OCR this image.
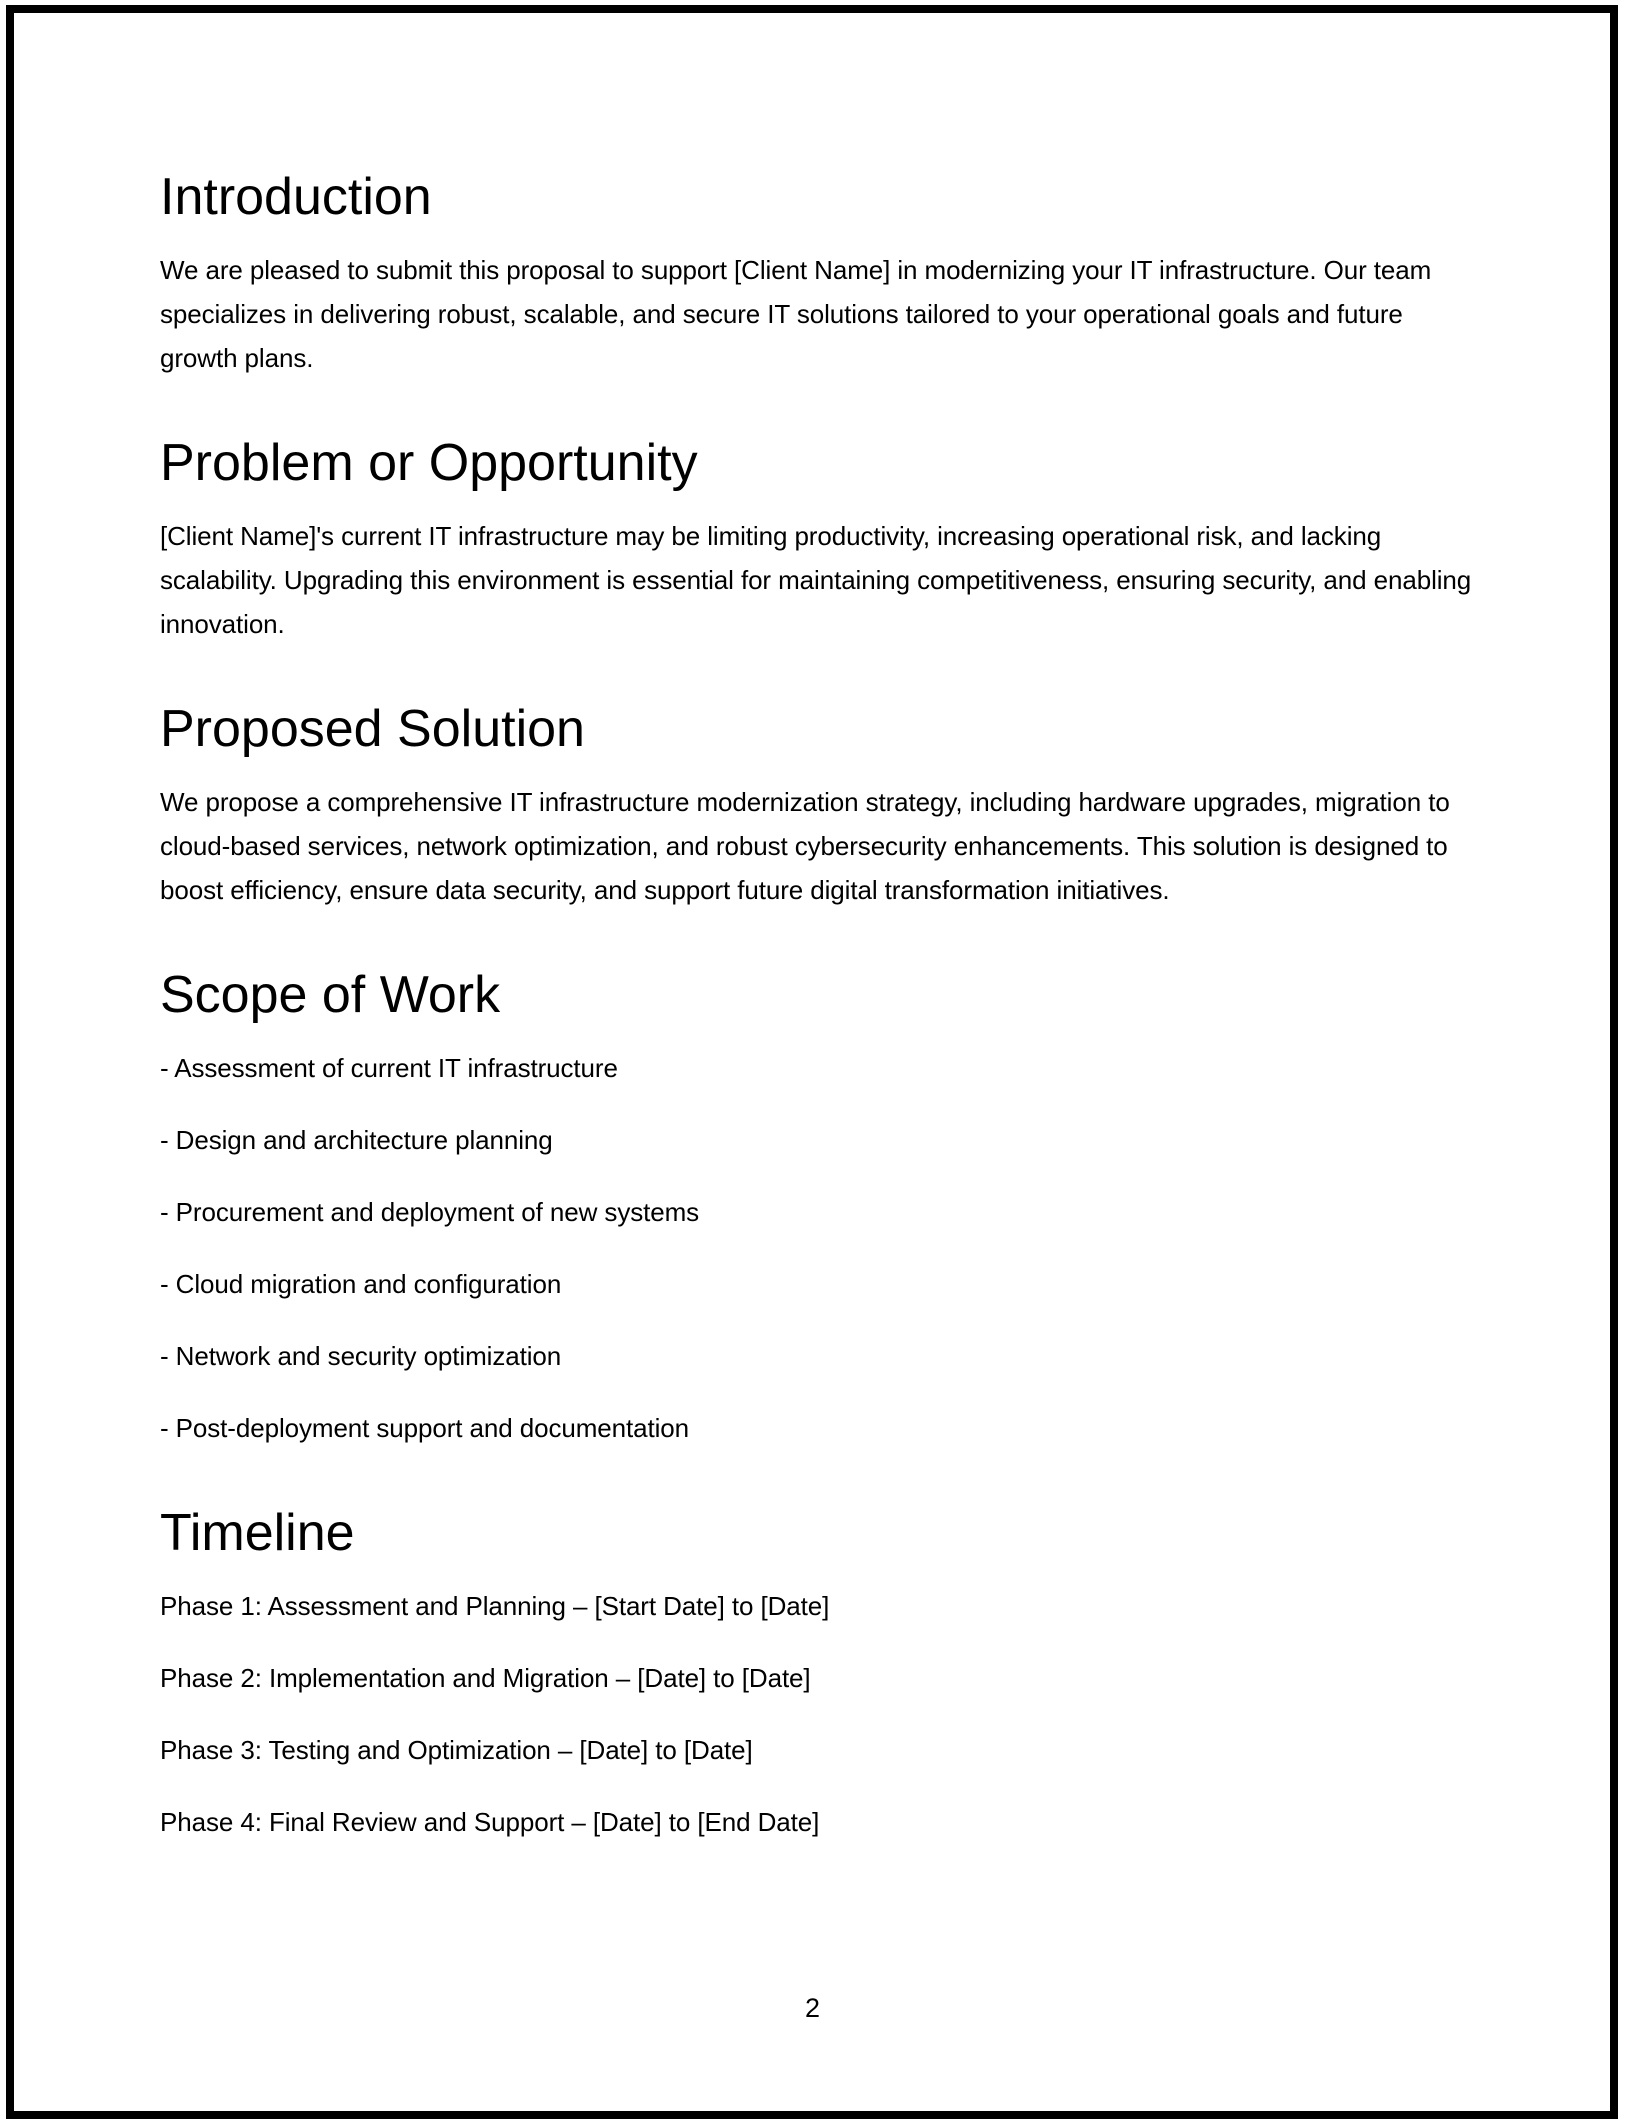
Introduction

We are pleased to submit this proposal to support [Client Name] in modernizing your IT infrastructure. Our team specializes in delivering robust, scalable, and secure IT solutions tailored to your operational goals and future growth plans.

Problem or Opportunity

[Client Name]'s current IT infrastructure may be limiting productivity, increasing operational risk, and lacking scalability. Upgrading this environment is essential for maintaining competitiveness, ensuring security, and enabling innovation.

Proposed Solution

We propose a comprehensive IT infrastructure modernization strategy, including hardware upgrades, migration to cloud-based services, network optimization, and robust cybersecurity enhancements. This solution is designed to boost efficiency, ensure data security, and support future digital transformation initiatives.

Scope of Work

- Assessment of current IT infrastructure

- Design and architecture planning

- Procurement and deployment of new systems

- Cloud migration and configuration

- Network and security optimization

- Post-deployment support and documentation

Timeline

Phase 1: Assessment and Planning – [Start Date] to [Date]

Phase 2: Implementation and Migration – [Date] to [Date]

Phase 3: Testing and Optimization – [Date] to [Date]

Phase 4: Final Review and Support – [Date] to [End Date]

2
